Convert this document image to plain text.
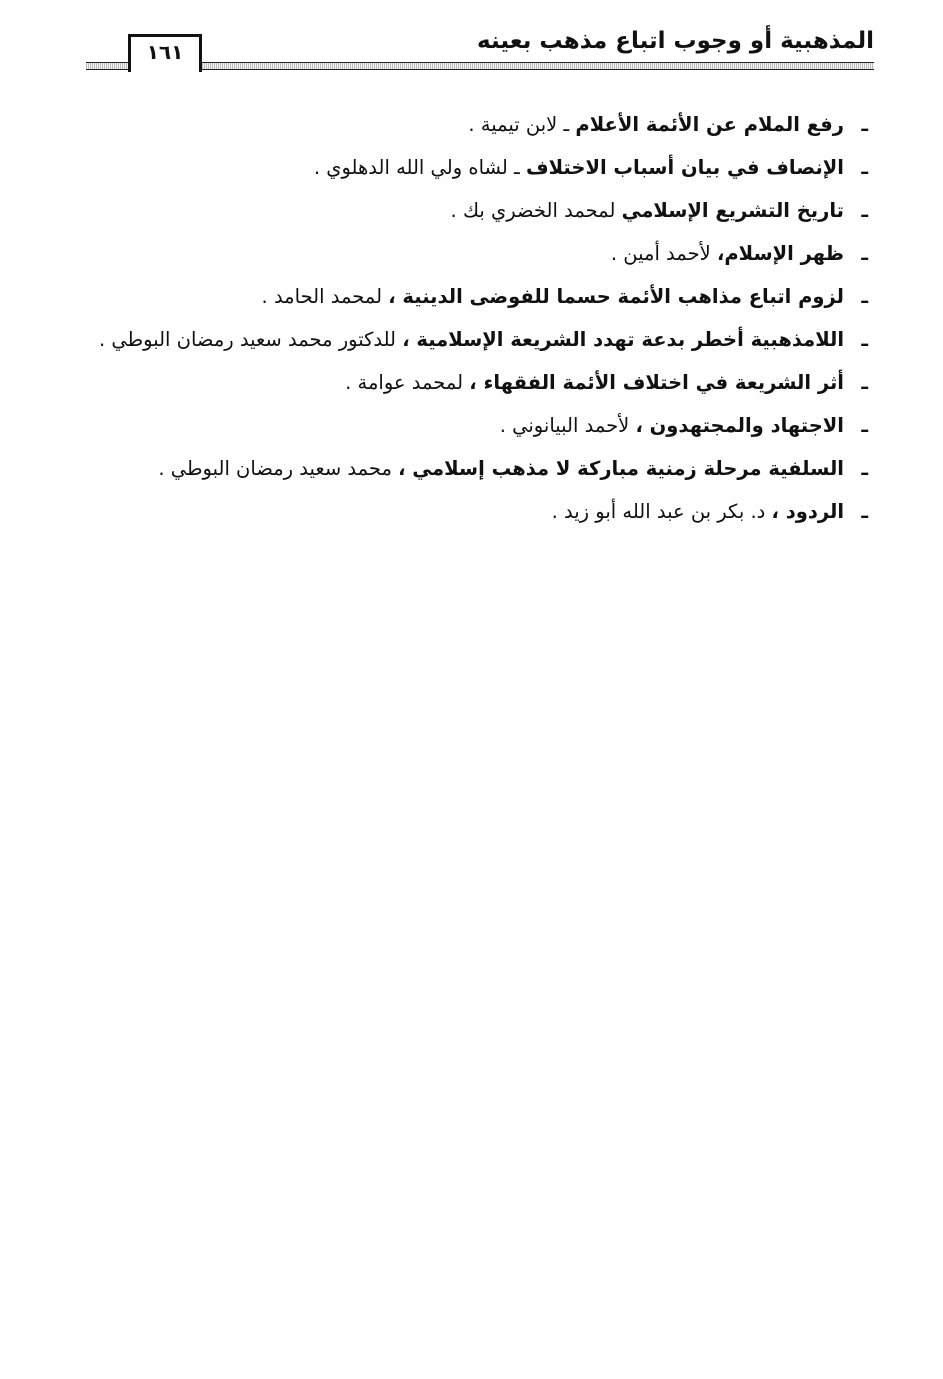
١٦١	المذهبية أو وجوب اتباع مذهب بعينه
ـرفع الملام عن الأئمة الأعلام ـ لابن تيمية .
ـالإنصاف في بيان أسباب الاختلاف ـ لشاه ولي الله الدهلوي .
ـتاريخ التشريع الإسلامي لمحمد الخضري بك .
ـظهر الإسلام، لأحمد أمين .
ـلزوم اتباع مذاهب الأئمة حسما للفوضى الدينية ، لمحمد الحامد .
ـاللامذهبية أخطر بدعة تهدد الشريعة الإسلامية ، للدكتور محمد سعيد رمضان البوطي .
ـأثر الشريعة في اختلاف الأئمة الفقهاء ، لمحمد عوامة .
ـالاجتهاد والمجتهدون ، لأحمد البيانوني .
ـالسلفية مرحلة زمنية مباركة لا مذهب إسلامي ، محمد سعيد رمضان البوطي .
ـالردود ، د. بكر بن عبد الله أبو زيد .
